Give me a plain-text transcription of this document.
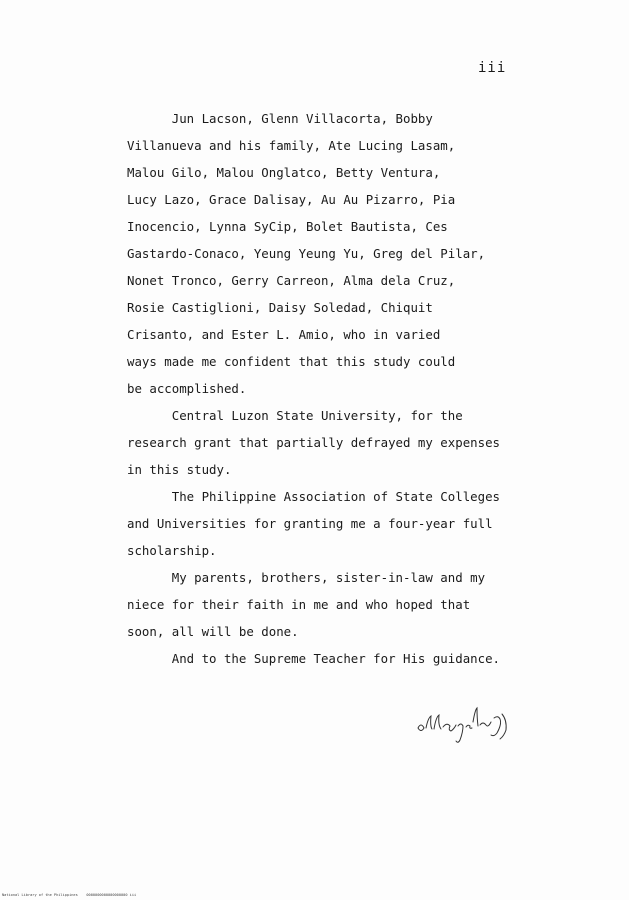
iii
Jun Lacson, Glenn Villacorta, Bobby
Villanueva and his family, Ate Lucing Lasam,
Malou Gilo, Malou Onglatco, Betty Ventura,
Lucy Lazo, Grace Dalisay, Au Au Pizarro, Pia
Inocencio, Lynna SyCip, Bolet Bautista, Ces
Gastardo-Conaco, Yeung Yeung Yu, Greg del Pilar,
Nonet Tronco, Gerry Carreon, Alma dela Cruz,
Rosie Castiglioni, Daisy Soledad, Chiquit
Crisanto, and Ester L. Amio, who in varied
ways made me confident that this study could
be accomplished.
Central Luzon State University, for the
research grant that partially defrayed my expenses
in this study.
The Philippine Association of State Colleges
and Universities for granting me a four-year full
scholarship.
My parents, brothers, sister-in-law and my
niece for their faith in me and who hoped that
soon, all will be done.
And to the Supreme Teacher for His guidance.
National Library of the Philippines    0000000000000000000 iii
